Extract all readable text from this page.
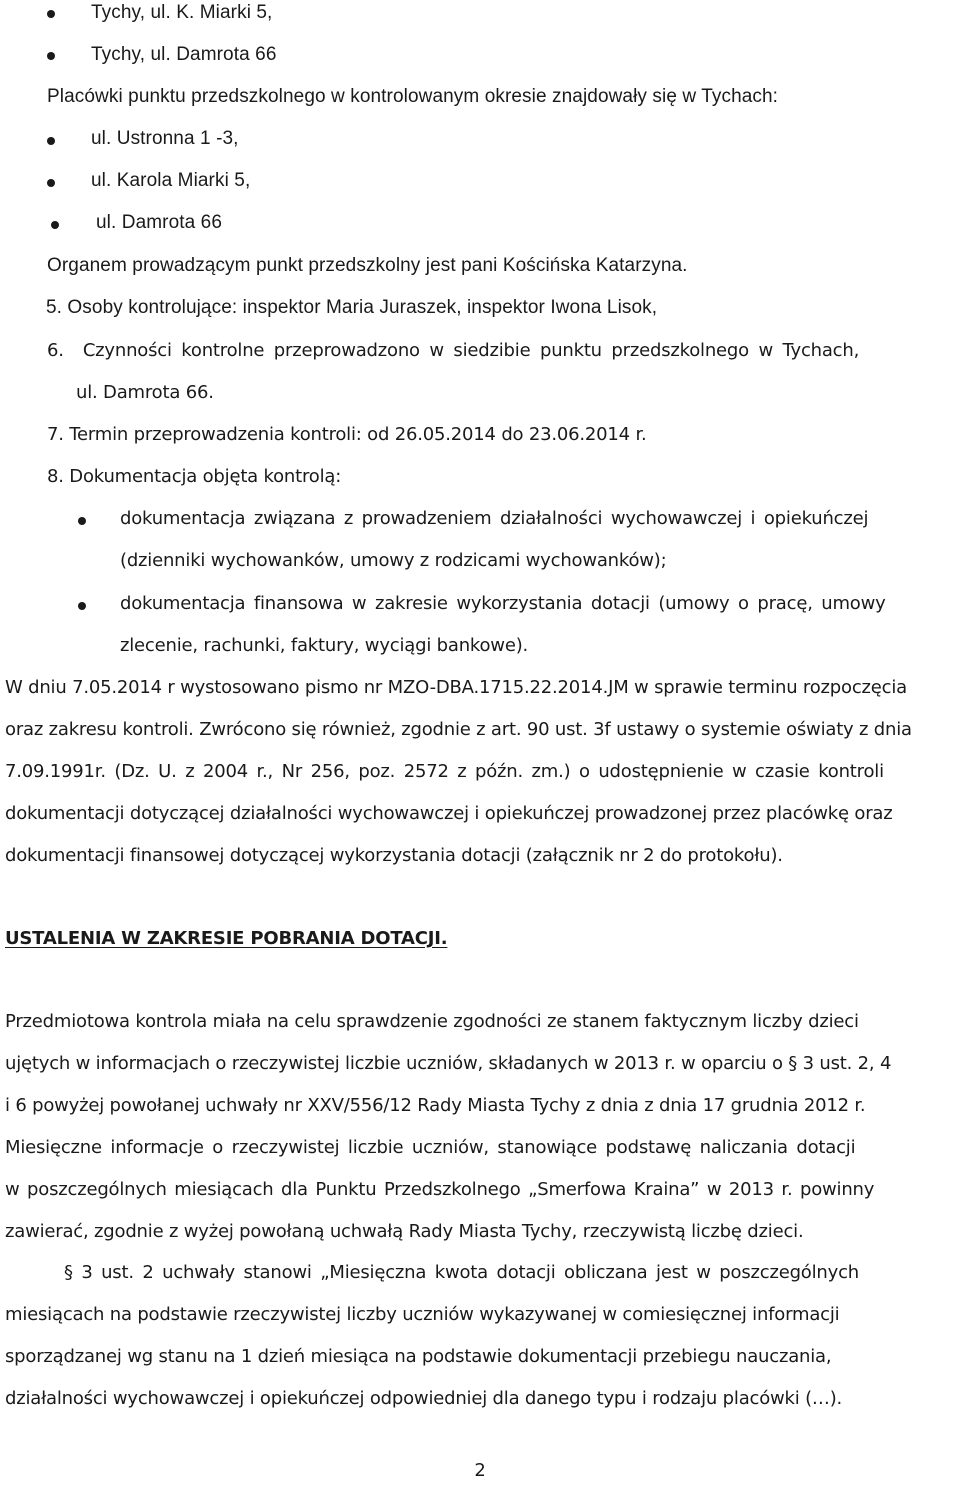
Tychy, ul. K. Miarki 5,
Tychy, ul. Damrota 66
Placówki punktu przedszkolnego w kontrolowanym okresie znajdowały się w Tychach:
ul. Ustronna 1 -3,
ul. Karola Miarki 5,
ul. Damrota 66
Organem prowadzącym punkt przedszkolny jest pani Kościńska Katarzyna.
5. Osoby kontrolujące: inspektor Maria Juraszek, inspektor Iwona Lisok,
6.  Czynności kontrolne przeprowadzono w siedzibie punktu przedszkolnego w Tychach,
ul. Damrota 66.
7. Termin przeprowadzenia kontroli: od 26.05.2014 do 23.06.2014 r.
8. Dokumentacja objęta kontrolą:
dokumentacja związana z prowadzeniem działalności wychowawczej i opiekuńczej
(dzienniki wychowanków, umowy z rodzicami wychowanków);
dokumentacja finansowa w zakresie wykorzystania dotacji (umowy o pracę, umowy
zlecenie, rachunki, faktury, wyciągi bankowe).
W dniu 7.05.2014 r wystosowano pismo nr MZO-DBA.1715.22.2014.JM w sprawie terminu rozpoczęcia
oraz zakresu kontroli. Zwrócono się również, zgodnie z art. 90 ust. 3f ustawy o systemie oświaty z dnia
7.09.1991r. (Dz. U. z 2004 r., Nr 256, poz. 2572 z późn. zm.) o udostępnienie w czasie kontroli
dokumentacji dotyczącej działalności wychowawczej i opiekuńczej prowadzonej przez placówkę oraz
dokumentacji finansowej dotyczącej wykorzystania dotacji (załącznik nr 2 do protokołu).
USTALENIA W ZAKRESIE POBRANIA DOTACJI.
Przedmiotowa kontrola miała na celu sprawdzenie zgodności ze stanem faktycznym liczby dzieci
ujętych w informacjach o rzeczywistej liczbie uczniów, składanych w 2013 r. w oparciu o § 3 ust. 2, 4
i 6 powyżej powołanej uchwały nr XXV/556/12 Rady Miasta Tychy z dnia z dnia 17 grudnia 2012 r.
Miesięczne informacje o rzeczywistej liczbie uczniów, stanowiące podstawę naliczania dotacji
w poszczególnych miesiącach dla Punktu Przedszkolnego „Smerfowa Kraina” w 2013 r. powinny
zawierać, zgodnie z wyżej powołaną uchwałą Rady Miasta Tychy, rzeczywistą liczbę dzieci.
§ 3 ust. 2 uchwały stanowi „Miesięczna kwota dotacji obliczana jest w poszczególnych
miesiącach na podstawie rzeczywistej liczby uczniów wykazywanej w comiesięcznej informacji
sporządzanej wg stanu na 1 dzień miesiąca na podstawie dokumentacji przebiegu nauczania,
działalności wychowawczej i opiekuńczej odpowiedniej dla danego typu i rodzaju placówki (…).
2
